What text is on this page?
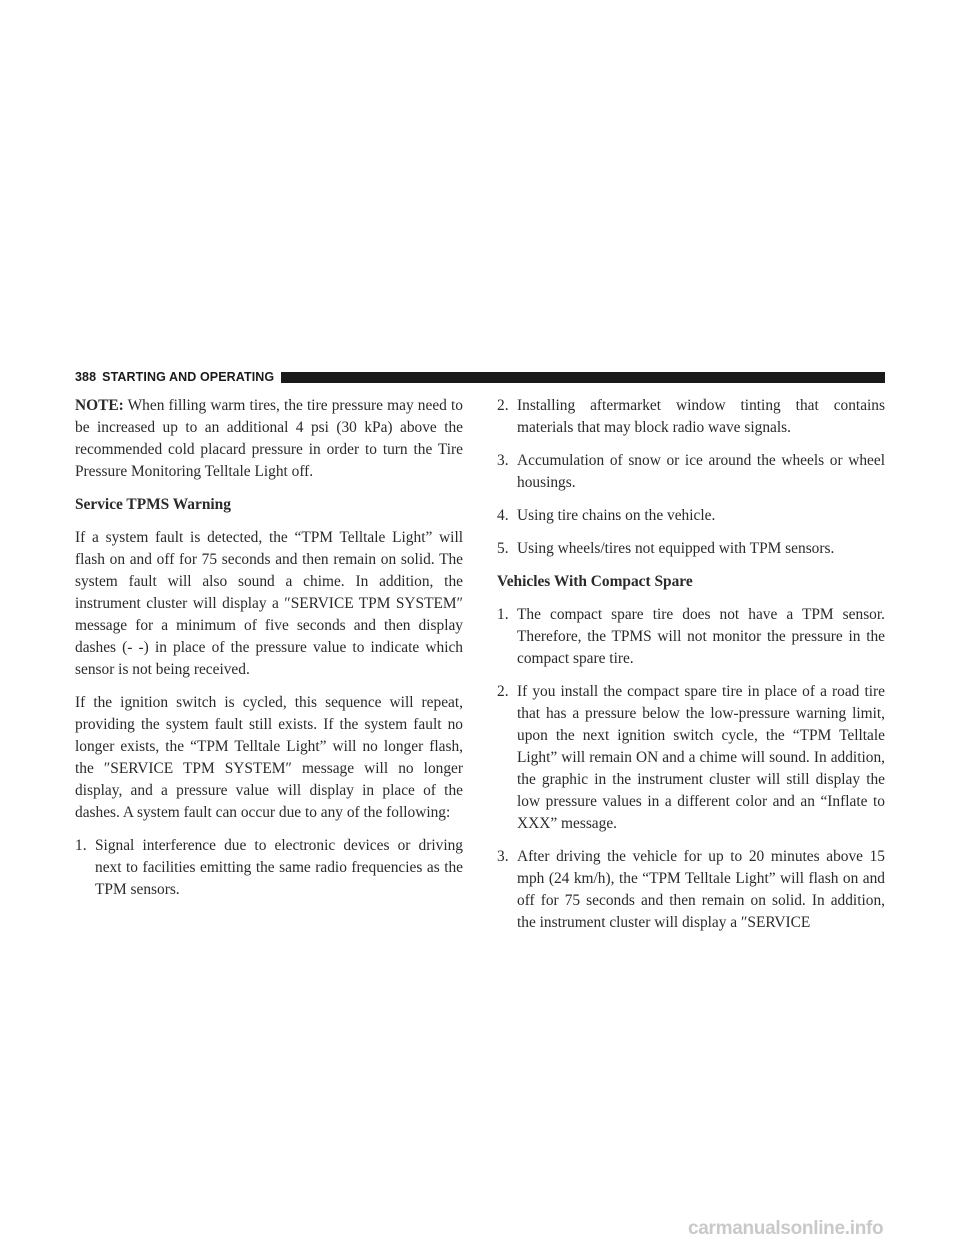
388 STARTING AND OPERATING

NOTE: When filling warm tires, the tire pressure may need to be increased up to an additional 4 psi (30 kPa) above the recommended cold placard pressure in order to turn the Tire Pressure Monitoring Telltale Light off.

Service TPMS Warning

If a system fault is detected, the “TPM Telltale Light” will flash on and off for 75 seconds and then remain on solid. The system fault will also sound a chime. In addition, the instrument cluster will display a ″SERVICE TPM SYSTEM″ message for a minimum of five seconds and then display dashes (- -) in place of the pressure value to indicate which sensor is not being received.

If the ignition switch is cycled, this sequence will repeat, providing the system fault still exists. If the system fault no longer exists, the “TPM Telltale Light” will no longer flash, the ″SERVICE TPM SYSTEM″ message will no longer display, and a pressure value will display in place of the dashes. A system fault can occur due to any of the following:

1. Signal interference due to electronic devices or driving next to facilities emitting the same radio frequencies as the TPM sensors.
2. Installing aftermarket window tinting that contains materials that may block radio wave signals.
3. Accumulation of snow or ice around the wheels or wheel housings.
4. Using tire chains on the vehicle.
5. Using wheels/tires not equipped with TPM sensors.
Vehicles With Compact Spare
1. The compact spare tire does not have a TPM sensor. Therefore, the TPMS will not monitor the pressure in the compact spare tire.
2. If you install the compact spare tire in place of a road tire that has a pressure below the low-pressure warning limit, upon the next ignition switch cycle, the “TPM Telltale Light” will remain ON and a chime will sound. In addition, the graphic in the instrument cluster will still display the low pressure values in a different color and an “Inflate to XXX” message.
3. After driving the vehicle for up to 20 minutes above 15 mph (24 km/h), the “TPM Telltale Light” will flash on and off for 75 seconds and then remain on solid. In addition, the instrument cluster will display a ″SERVICE
carmanualsonline.info
